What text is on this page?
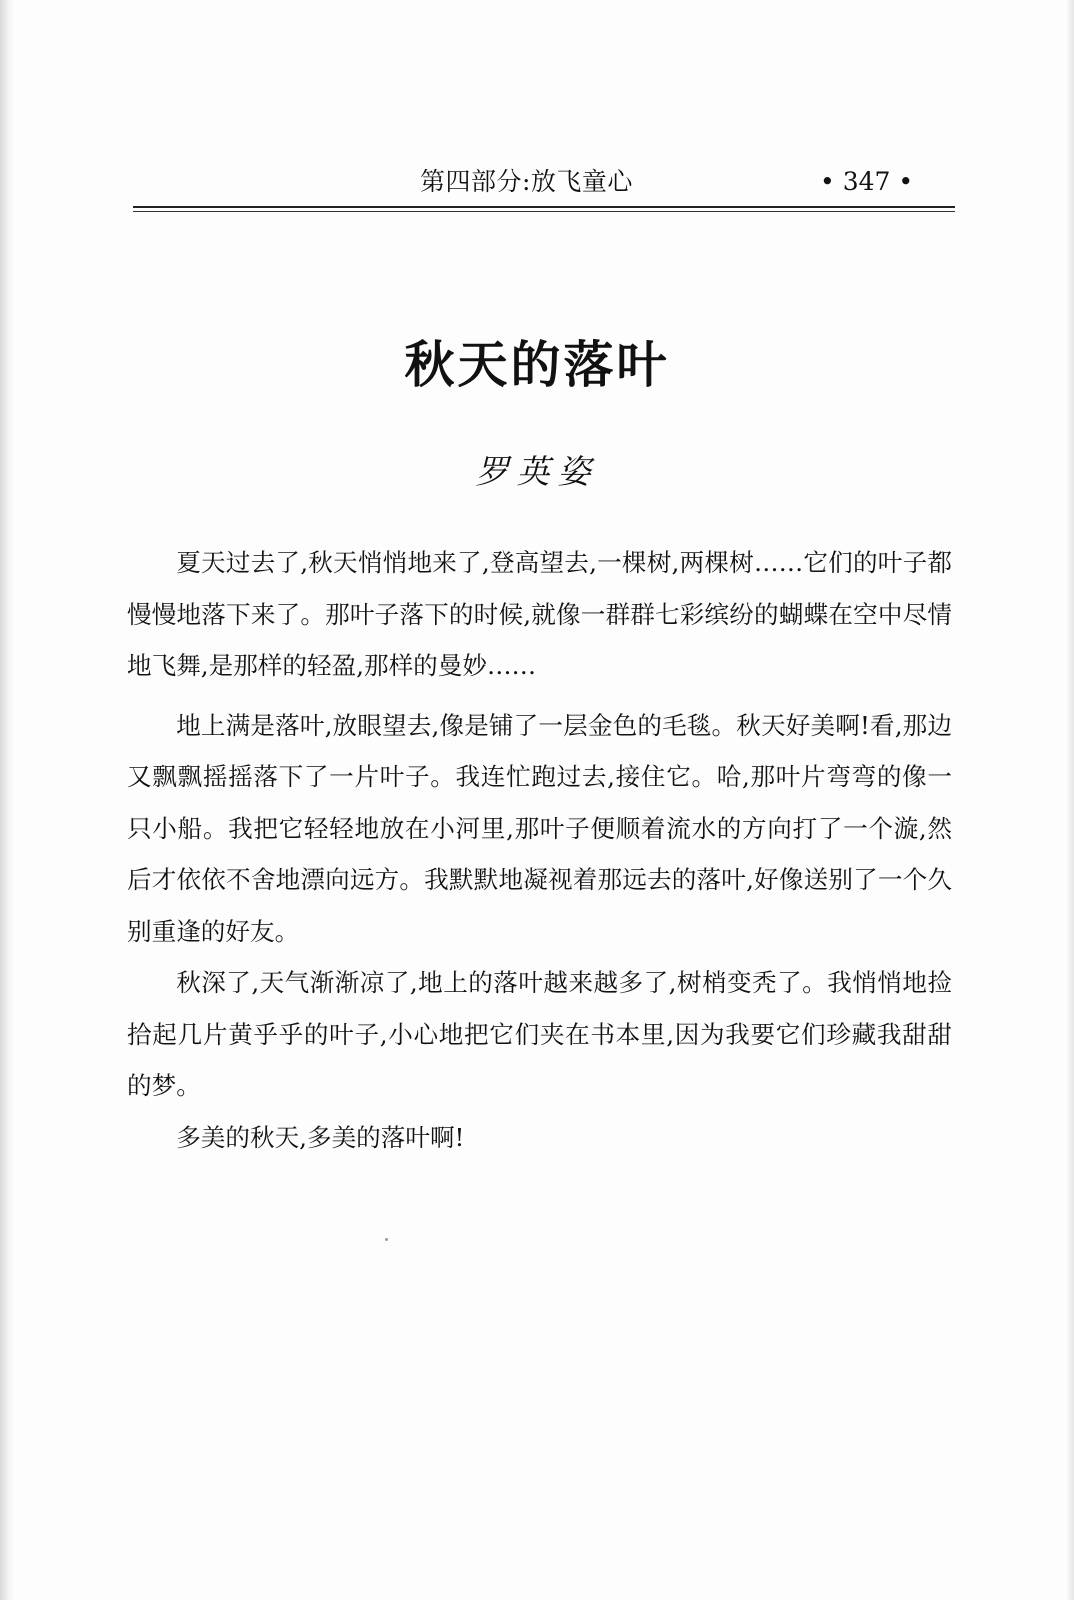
第四部分:放飞童心	• 347 •
秋天的落叶
罗英姿

夏天过去了,秋天悄悄地来了,登高望去,一棵树,两棵树……它们的叶子都慢慢地落下来了。那叶子落下的时候,就像一群群七彩缤纷的蝴蝶在空中尽情地飞舞,是那样的轻盈,那样的曼妙……

地上满是落叶,放眼望去,像是铺了一层金色的毛毯。秋天好美啊!看,那边又飘飘摇摇落下了一片叶子。我连忙跑过去,接住它。哈,那叶片弯弯的像一只小船。我把它轻轻地放在小河里,那叶子便顺着流水的方向打了一个漩,然后才依依不舍地漂向远方。我默默地凝视着那远去的落叶,好像送别了一个久别重逢的好友。

秋深了,天气渐渐凉了,地上的落叶越来越多了,树梢变秃了。我悄悄地捡拾起几片黄乎乎的叶子,小心地把它们夹在书本里,因为我要它们珍藏我甜甜的梦。

多美的秋天,多美的落叶啊!
